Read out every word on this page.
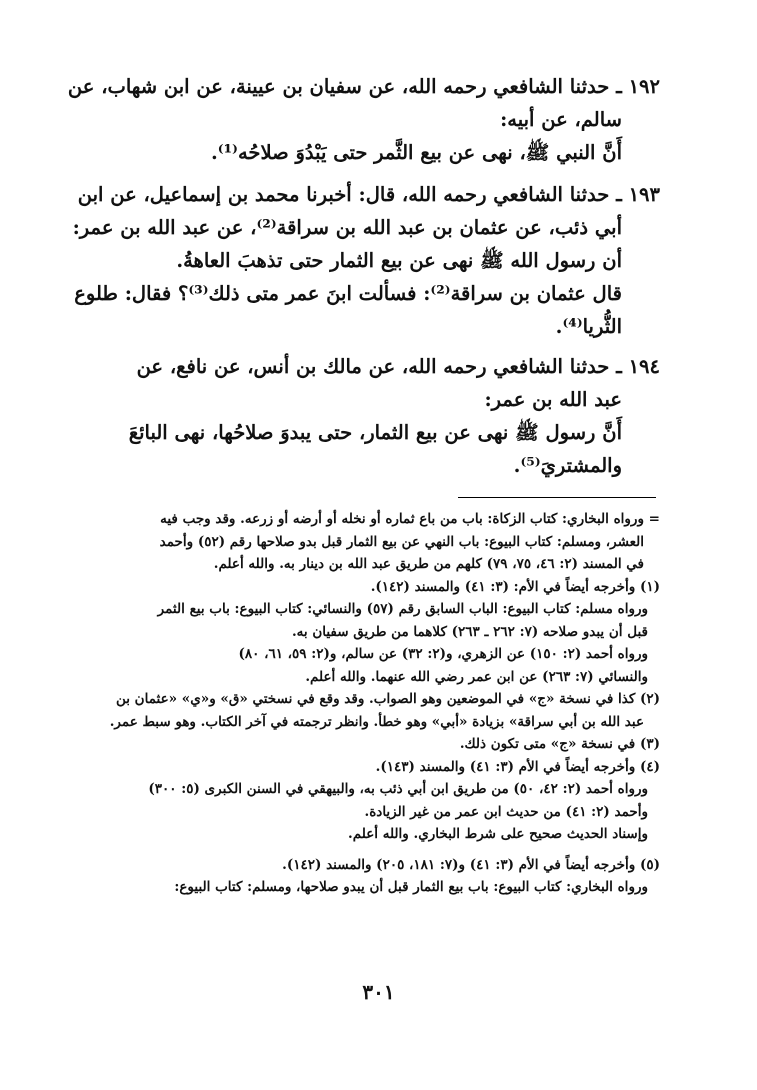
١٩٢ ـ حدثنا الشافعي رحمه الله، عن سفيان بن عيينة، عن ابن شهاب، عن
سالم، عن أبيه:
أَنَّ النبي ﷺ، نهى عن بيع الثَّمر حتى يَبْدُوَ صلاحُه⁽¹⁾.
١٩٣ ـ حدثنا الشافعي رحمه الله، قال: أخبرنا محمد بن إسماعيل، عن ابن
أبي ذئب، عن عثمان بن عبد الله بن سراقة⁽²⁾، عن عبد الله بن عمر:
أن رسول الله ﷺ نهى عن بيع الثمار حتى تذهبَ العاهةُ.
قال عثمان بن سراقة⁽²⁾: فسألت ابنَ عمر متى ذلك⁽³⁾؟ فقال: طلوع
الثُّريا⁽⁴⁾.
١٩٤ ـ حدثنا الشافعي رحمه الله، عن مالك بن أنس، عن نافع، عن
عبد الله بن عمر:
أَنَّ رسول ﷺ نهى عن بيع الثمار، حتى يبدوَ صلاحُها، نهى البائعَ
والمشتريَ⁽⁵⁾.
= ورواه البخاري: كتاب الزكاة: باب من باع ثماره أو نخله أو أرضه أو زرعه. وقد وجب فيه
العشر، ومسلم: كتاب البيوع: باب النهي عن بيع الثمار قبل بدو صلاحها رقم (٥٢) وأحمد
في المسند (٢: ٤٦، ٧٥، ٧٩) كلهم من طريق عبد الله بن دينار به. والله أعلم.
(١) وأخرجه أيضاً في الأم: (٣: ٤١) والمسند (١٤٢).
ورواه مسلم: كتاب البيوع: الباب السابق رقم (٥٧) والنسائي: كتاب البيوع: باب بيع الثمر
قبل أن يبدو صلاحه (٧: ٢٦٢ ـ ٢٦٣) كلاهما من طريق سفيان به.
ورواه أحمد (٢: ١٥٠) عن الزهري، و(٢: ٣٢) عن سالم، و(٢: ٥٩، ٦١، ٨٠)
والنسائي (٧: ٢٦٣) عن ابن عمر رضي الله عنهما. والله أعلم.
(٢) كذا في نسخة «ج» في الموضعين وهو الصواب. وقد وقع في نسختي «ق» و«ي» «عثمان بن
عبد الله بن أبي سراقة» بزيادة «أبي» وهو خطأ. وانظر ترجمته في آخر الكتاب. وهو سبط عمر.
(٣) في نسخة «ج» متى تكون ذلك.
(٤) وأخرجه أيضاً في الأم (٣: ٤١) والمسند (١٤٣).
ورواه أحمد (٢: ٤٢، ٥٠) من طريق ابن أبي ذئب به، والبيهقي في السنن الكبرى (٥: ٣٠٠)
وأحمد (٢: ٤١) من حديث ابن عمر من غير الزيادة.
وإسناد الحديث صحيح على شرط البخاري. والله أعلم.
(٥) وأخرجه أيضاً في الأم (٣: ٤١) و(٧: ١٨١، ٢٠٥) والمسند (١٤٢).
ورواه البخاري: كتاب البيوع: باب بيع الثمار قبل أن يبدو صلاحها، ومسلم: كتاب البيوع:
٣٠١
